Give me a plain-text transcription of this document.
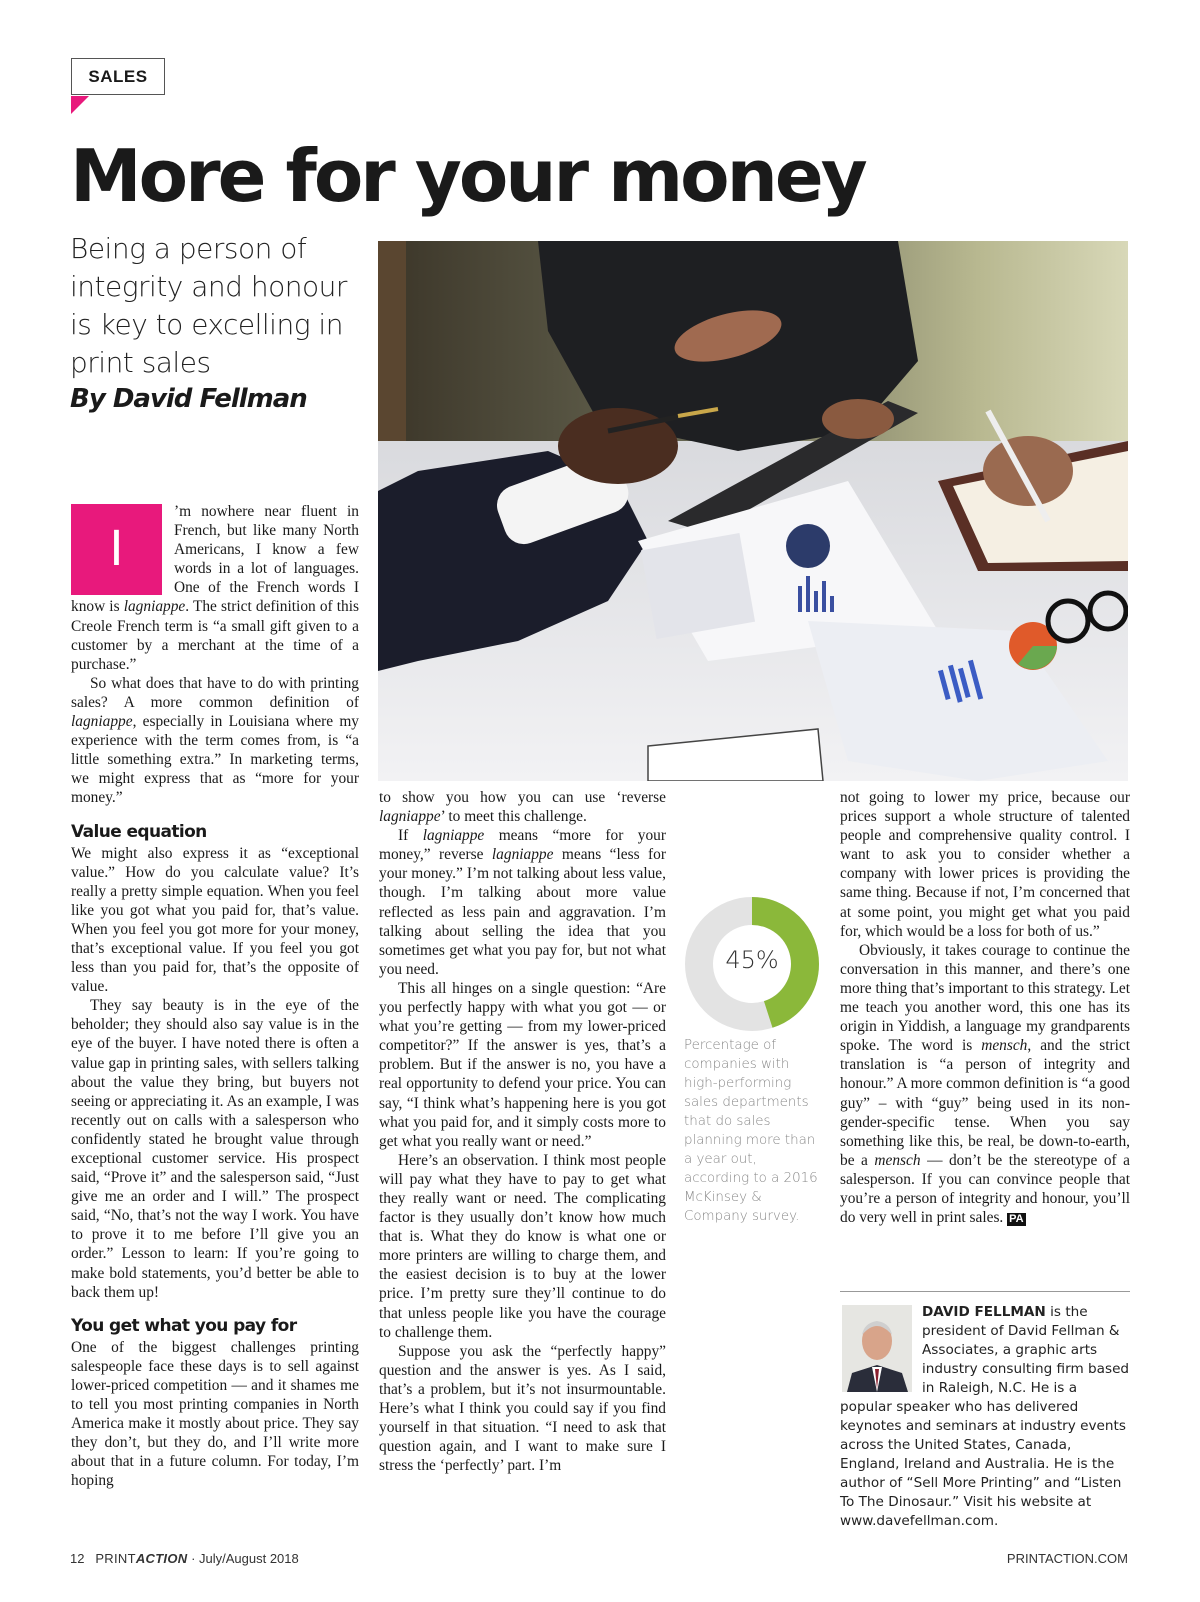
SALES
More for your money
Being a person of integrity and honour is key to excelling in print sales
By David Fellman

I
’m nowhere near fluent in French, but like many North Americans, I know a few words in a lot of languages. One of the French words I know is lagniappe. The strict definition of this Creole French term is “a small gift given to a customer by a merchant at the time of a purchase.”

So what does that have to do with printing sales? A more common definition of lagniappe, especially in Louisiana where my experience with the term comes from, is “a little something extra.” In marketing terms, we might express that as “more for your money.”

Value equation

We might also express it as “exceptional value.” How do you calculate value? It’s really a pretty simple equation. When you feel like you got what you paid for, that’s value. When you feel you got more for your money, that’s exceptional value. If you feel you got less than you paid for, that’s the opposite of value.

They say beauty is in the eye of the beholder; they should also say value is in the eye of the buyer. I have noted there is often a value gap in printing sales, with sellers talking about the value they bring, but buyers not seeing or appreciating it. As an example, I was recently out on calls with a salesperson who confidently stated he brought value through exceptional customer service. His prospect said, “Prove it” and the salesperson said, “Just give me an order and I will.” The prospect said, “No, that’s not the way I work. You have to prove it to me before I’ll give you an order.” Lesson to learn: If you’re going to make bold statements, you’d better be able to back them up!

You get what you pay for

One of the biggest challenges printing salespeople face these days is to sell against lower-priced competition — and it shames me to tell you most printing companies in North America make it mostly about price. They say they don’t, but they do, and I’ll write more about that in a future column. For today, I’m hoping

to show you how you can use ‘reverse lagniappe’ to meet this challenge.

If lagniappe means “more for your money,” reverse lagniappe means “less for your money.” I’m not talking about less value, though. I’m talking about more value reflected as less pain and aggravation. I’m talking about selling the idea that you sometimes get what you pay for, but not what you need.

This all hinges on a single question: “Are you perfectly happy with what you got — or what you’re getting — from my lower-priced competitor?” If the answer is yes, that’s a problem. But if the answer is no, you have a real opportunity to defend your price. You can say, “I think what’s happening here is you got what you paid for, and it simply costs more to get what you really want or need.”

Here’s an observation. I think most people will pay what they have to pay to get what they really want or need. The complicating factor is they usually don’t know how much that is. What they do know is what one or more printers are willing to charge them, and the easiest decision is to buy at the lower price. I’m pretty sure they’ll continue to do that unless people like you have the courage to challenge them.

Suppose you ask the “perfectly happy” question and the answer is yes. As I said, that’s a problem, but it’s not insurmountable. Here’s what I think you could say if you find yourself in that situation. “I need to ask that question again, and I want to make sure I stress the ‘perfectly’ part. I’m

45%
Percentage of companies with high-performing sales departments that do sales planning more than a year out, according to a 2016 McKinsey & Company survey.

not going to lower my price, because our prices support a whole structure of talented people and comprehensive quality control. I want to ask you to consider whether a company with lower prices is providing the same thing. Because if not, I’m concerned that at some point, you might get what you paid for, which would be a loss for both of us.”

Obviously, it takes courage to continue the conversation in this manner, and there’s one more thing that’s important to this strategy. Let me teach you another word, this one has its origin in Yiddish, a language my grandparents spoke. The word is mensch, and the strict translation is “a person of integrity and honour.” A more common definition is “a good guy” – with “guy” being used in its non-gender-specific tense. When you say something like this, be real, be down-to-earth, be a mensch — don’t be the stereotype of a salesperson. If you can convince people that you’re a person of integrity and honour, you’ll do very well in print sales. PA

DAVID FELLMAN is the president of David Fellman & Associates, a graphic arts industry consulting firm based in Raleigh, N.C. He is a popular speaker who has delivered keynotes and seminars at industry events across the United States, Canada, England, Ireland and Australia. He is the author of “Sell More Printing” and “Listen To The Dinosaur.” Visit his website at www.davefellman.com.
12 PRINTACTION · July/August 2018	PRINTACTION.COM
